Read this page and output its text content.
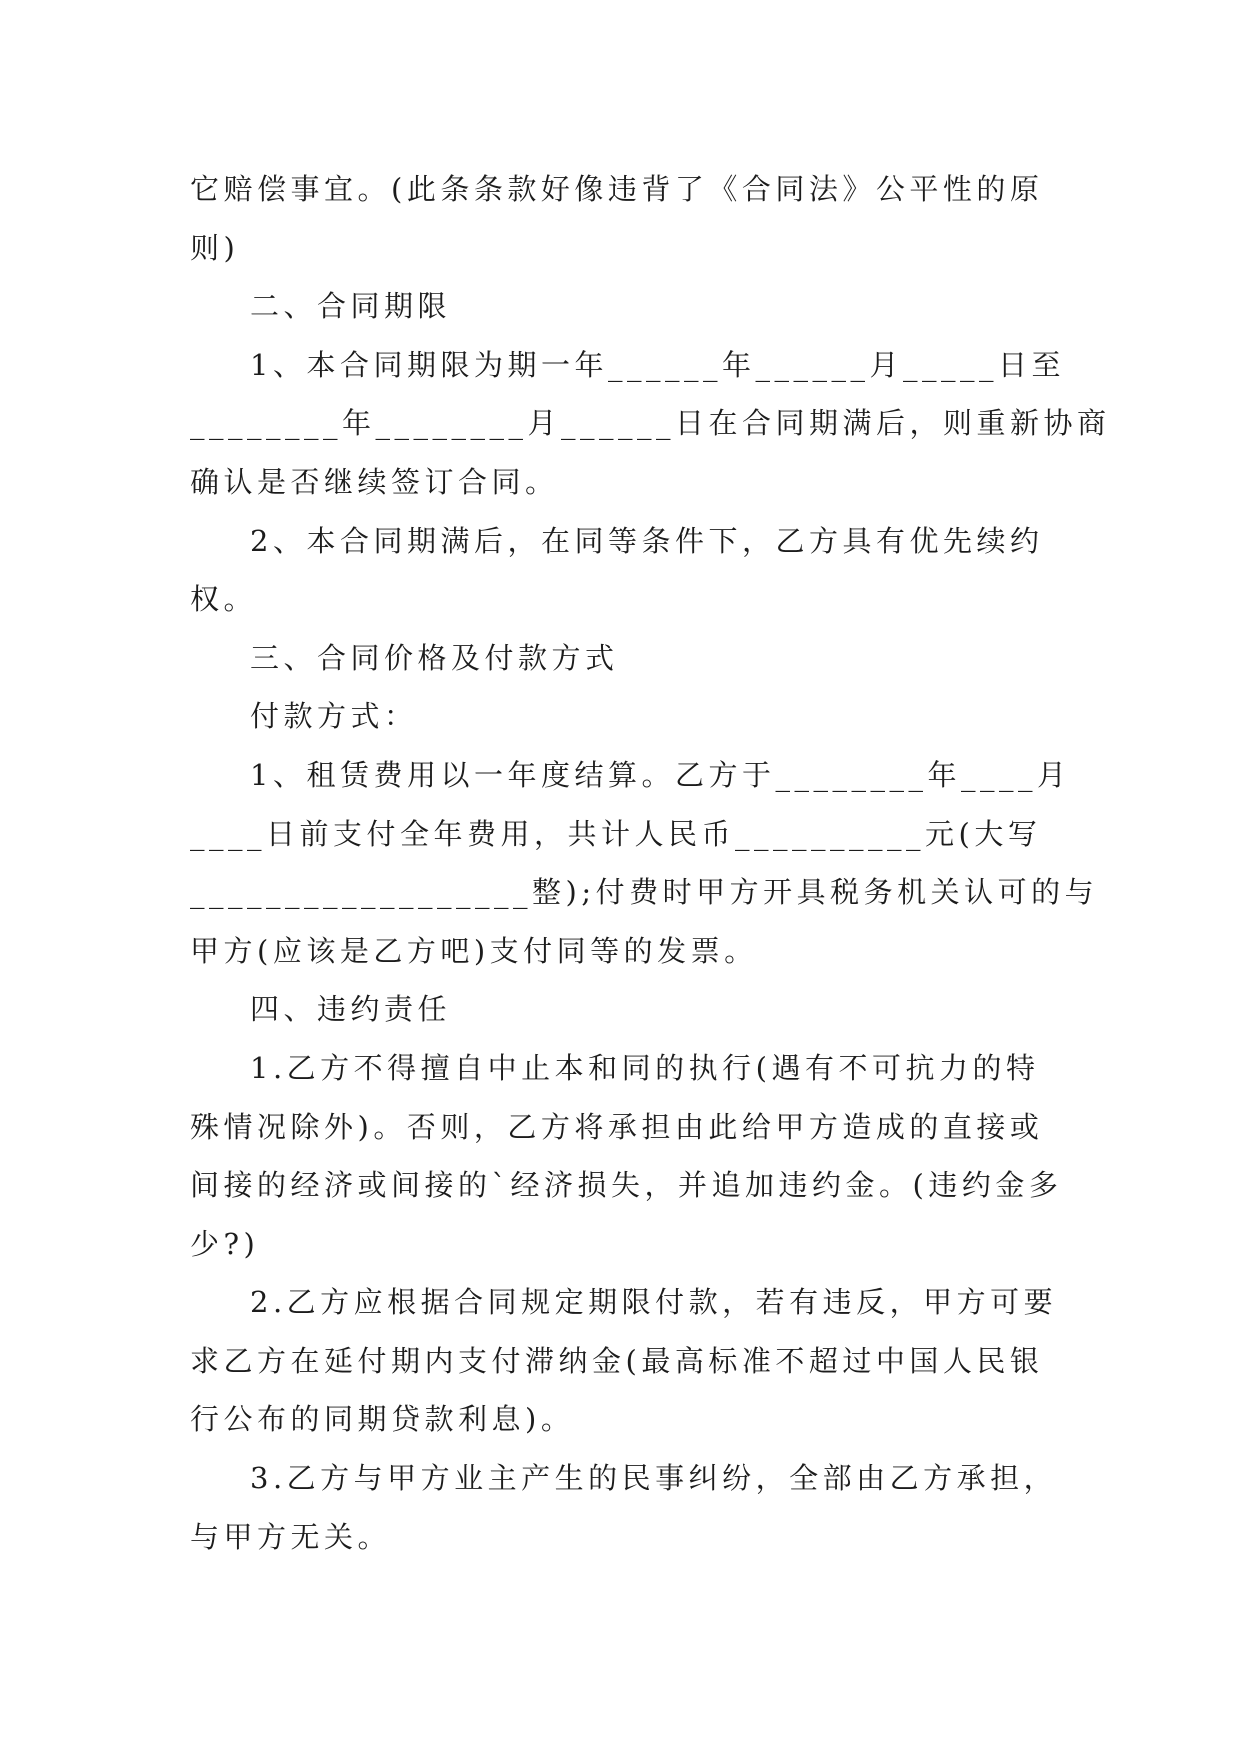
它赔偿事宜。(此条条款好像违背了《合同法》公平性的原

则)

二、合同期限

1、本合同期限为期一年______年______月_____日至

________年________月______日在合同期满后，则重新协商

确认是否继续签订合同。

2、本合同期满后，在同等条件下，乙方具有优先续约

权。

三、合同价格及付款方式

付款方式：

1、租赁费用以一年度结算。乙方于________年____月

____日前支付全年费用，共计人民币__________元(大写

__________________整);付费时甲方开具税务机关认可的与

甲方(应该是乙方吧)支付同等的发票。

四、违约责任

1.乙方不得擅自中止本和同的执行(遇有不可抗力的特

殊情况除外)。否则，乙方将承担由此给甲方造成的直接或

间接的经济或间接的`经济损失，并追加违约金。(违约金多

少?)

2.乙方应根据合同规定期限付款，若有违反，甲方可要

求乙方在延付期内支付滞纳金(最高标准不超过中国人民银

行公布的同期贷款利息)。

3.乙方与甲方业主产生的民事纠纷，全部由乙方承担，

与甲方无关。
